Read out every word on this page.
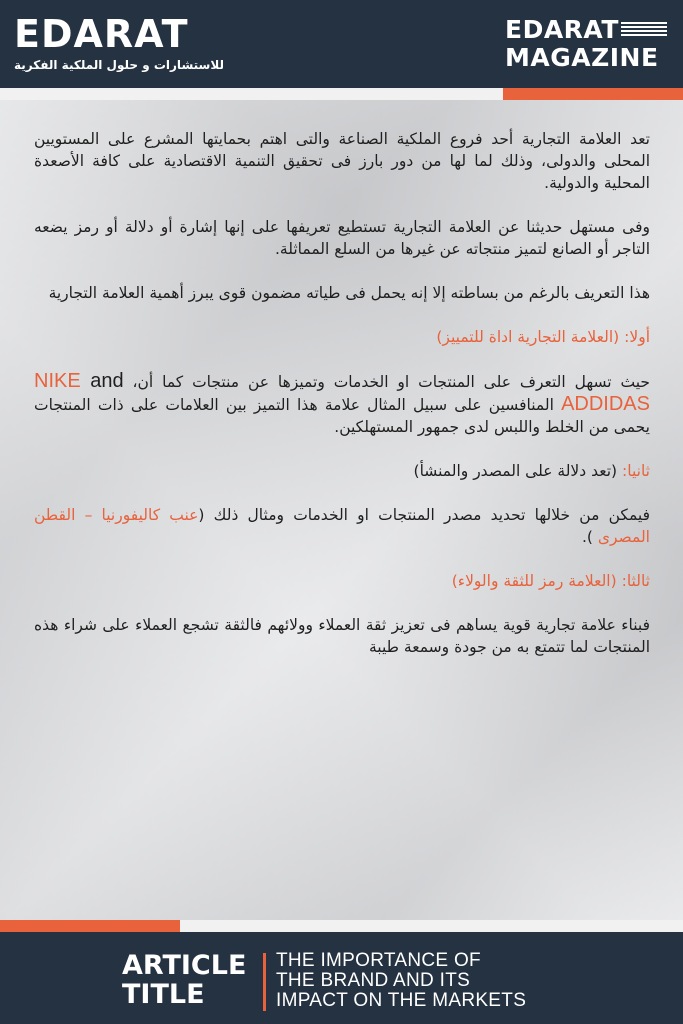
EDARAT
للاستشارات و حلول الملكية الفكرية
EDARAT
MAGAZINE

تعد العلامة التجارية أحد فروع الملكية الصناعة والتى اهتم بحمايتها المشرع على المستويين المحلى والدولى، وذلك لما لها من دور بارز فى تحقيق التنمية الاقتصادية على كافة الأصعدة المحلية والدولية.

وفى مستهل حديثنا عن العلامة التجارية تستطيع تعريفها على إنها إشارة أو دلالة أو رمز يضعه التاجر أو الصانع لتميز منتجاته عن غيرها من السلع المماثلة.

هذا التعريف بالرغم من بساطته إلا إنه يحمل فى طياته مضمون قوى يبرز أهمية العلامة التجارية

أولا: (العلامة التجارية اداة للتمييز)

حيث تسهل التعرف على المنتجات او الخدمات وتميزها عن منتجات كما أن، NIKE and ADDIDAS المنافسين على سبيل المثال علامة هذا التميز بين العلامات على ذات المنتجات يحمى من الخلط واللبس لدى جمهور المستهلكين.

ثانيا: (تعد دلالة على المصدر والمنشأ)

فيمكن من خلالها تحديد مصدر المنتجات او الخدمات ومثال ذلك (عنب كاليفورنيا – القطن المصرى ).

ثالثا: (العلامة رمز للثقة والولاء)

فبناء علامة تجارية قوية يساهم فى تعزيز ثقة العملاء وولائهم فالثقة تشجع العملاء على شراء هذه المنتجات لما تتمتع به من جودة وسمعة طيبة

ARTICLE
TITLE
THE IMPORTANCE OF
THE BRAND AND ITS
IMPACT ON THE MARKETS
